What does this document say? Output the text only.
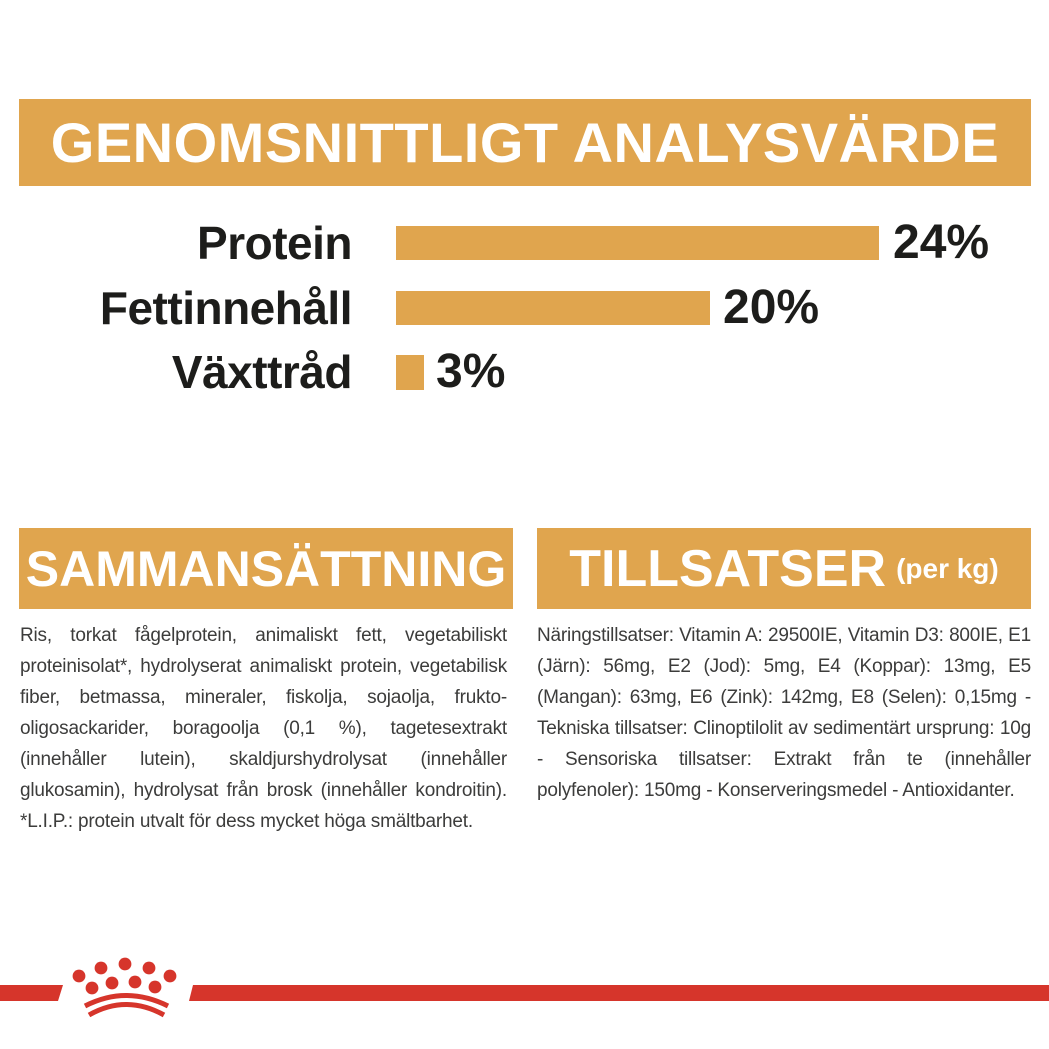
GENOMSNITTLIGT ANALYSVÄRDE
Protein	24%
Fettinnehåll	20%
Växttråd 3%
SAMMANSÄTTNING

Ris, torkat fågelprotein, animaliskt fett, vegetabiliskt proteinisolat*, hydrolyserat animaliskt protein, vegetabilisk fiber, betmassa, mineraler, fiskolja, sojaolja, frukto-oligosackarider, boragoolja (0,1 %), tagetesextrakt (innehåller lutein), skaldjurshydrolysat (innehåller glukosamin), hydrolysat från brosk (innehåller kondroitin). *L.I.P.: protein utvalt för dess mycket höga smältbarhet.

TILLSATSER (per kg)

Näringstillsatser: Vitamin A: 29500IE, Vitamin D3: 800IE, E1 (Järn): 56mg, E2 (Jod): 5mg, E4 (Koppar): 13mg, E5 (Mangan): 63mg, E6 (Zink): 142mg, E8 (Selen): 0,15mg - Tekniska tillsatser: Clinoptilolit av sedimentärt ursprung: 10g - Sensoriska tillsatser: Extrakt från te (innehåller polyfenoler): 150mg - Konserveringsmedel - Antioxidanter.
